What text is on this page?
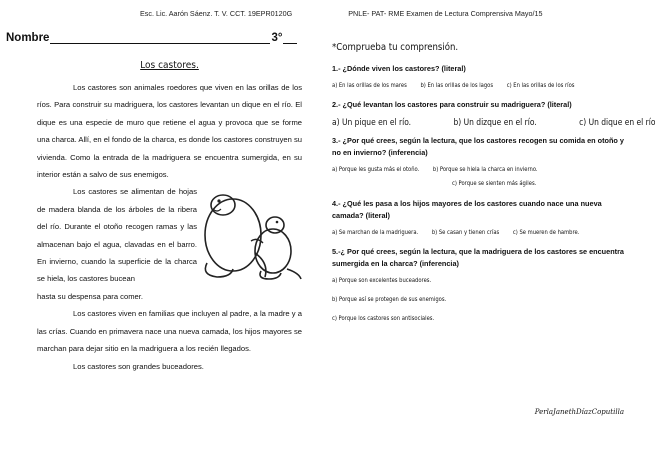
Esc. Lic. Aarón Sáenz. T. V. CCT. 19EPR0120G	PNLE- PAT- RME Examen de Lectura Comprensiva Mayo/15
Nombre	3°
Los castores.

Los castores son animales roedores que viven en las orillas de los ríos. Para construir su madriguera, los castores levantan un dique en el río. El dique es una especie de muro que retiene el agua y provoca que se forme una charca. Allí, en el fondo de la charca, es donde los castores construyen su vivienda. Como la entrada de la madriguera se encuentra sumergida, en su interior están a salvo de sus enemigos.

Los castores se alimentan de hojas de madera blanda de los árboles de la ribera del río. Durante el otoño recogen ramas y las almacenan bajo el agua, clavadas en el barro. En invierno, cuando la superficie de la charca se hiela, los castores bucean

hasta su despensa para comer.

Los castores viven en familias que incluyen al padre, a la madre y a las crías. Cuando en primavera nace una nueva camada, los hijos mayores se marchan para dejar sitio en la madriguera a los recién llegados.

Los castores son grandes buceadores.

*Comprueba tu comprensión.
1.- ¿Dónde viven los castores? (literal)
a) En las orillas de los mares b) En las orillas de los lagos c) En las orillas de los ríos
2.- ¿Qué levantan los castores para construir su madriguera? (literal)
a) Un pique en el río.	b) Un dizque en el río.	c) Un dique en el río
3.- ¿Por qué crees, según la lectura, que los castores recogen su comida en otoño y no en invierno? (inferencia)
a) Porque les gusta más el otoño. b) Porque se hiela la charca en invierno.
c) Porque se sienten más ágiles.
4.- ¿Qué les pasa a los hijos mayores de los castores cuando nace una nueva camada? (literal)
a) Se marchan de la madriguera. b) Se casan y tienen crías c) Se mueren de hambre.
5.-¿ Por qué crees, según la lectura, que la madriguera de los castores se encuentra sumergida en la charca? (inferencia)
a) Porque son excelentes buceadores.
b) Porque así se protegen de sus enemigos.
c) Porque los castores son antisociales.
PerlaJanethDíazCoputilla
